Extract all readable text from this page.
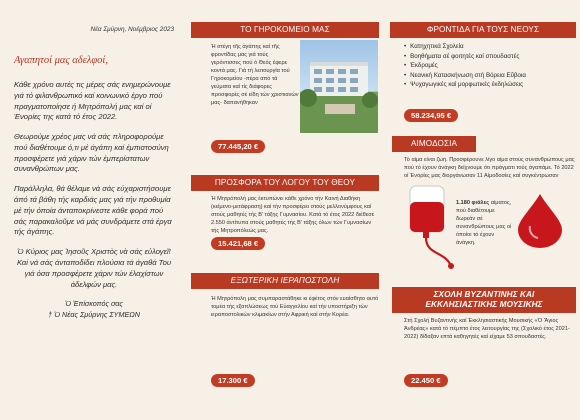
Νέα Σμύρνη, Νοέμβριος 2023
Αγαπητοί μας αδελφοί,

Κάθε χρόνο αυτές τις μέρες σάς ενημερώνουμε γιά τό φιλανθρωπικό καί κοινωνικό έργο πού πραγματοποίησε ή Μητρόπολή μας καί οί Ένορίες της κατά τό έτος 2022.

Θεωρούμε χρέος μας νά σάς πληροφορούμε πού διαθέτουμε ό,τι μέ άγάπη καί έμπιστοσύνη προσφέρετε γιά χάριν τών έμπερίστατων συνανθρώπων μας.

Παράλληλα, θά θέλαμε νά σάς εύχαριστήσουμε άπό τά βάθη τής καρδιάς μας γιά τήν προθυμία μέ τήν όποία άνταποκρίνεστε κάθε φορά πού σάς παρακαλοῦμε νά μάς συνδράμετε στά έργα τής άγάπης.

Ὁ Κύριος μας Ἰησοῦς Χριστὸς νὰ σάς εὐλογεῖ! Καί νά σάς άνταποδίδει πλούσια τά άγαθά Του γιά όσα προσφέρετε χάριν τών έλαχίστων άδελφών μας.

Ὁ Ἐπίσκοπός σας
† Ὁ Νέας Σμύρνης ΣΥΜΕΩΝ
ΤΟ ΓΗΡΟΚΟΜΕΙΟ ΜΑΣ
Ἡ στέγη τῆς ἀγάπης καί τῆς φροντίδας μας γιά τούς γερόντισσες πού ό Θεός έφερε κοντά μας. Γιά τή λειτουργία τού Γηροκομείου -πέρα από τά γεύματα καί τίς διάφορες προσφορές σέ είδη τών χριστιανών μας- δαπανήθηκαν
77.445,20 €
ΠΡΟΣΦΟΡΑ ΤΟΥ ΛΟΓΟΥ ΤΟΥ ΘΕΟΥ
Ἡ Μητρόπολή μας έκτυπώνει κάθε χρόνο τήν Καινή Διαθήκη (κείμενο-μετάφραση) καί τήν προσφέρει στούς μελλονύμφους καί στούς μαθητές τής Β' τάξης Γυμνασίου. Κατά τό έτος 2022 διέθεσε 2.550 άντίτυπα στούς μαθητές τής Β' τάξης όλων τών Γυμνασίων τής Μητροπόλεώς μας.
15.421,68 €
ΕΞΩΤΕΡΙΚΗ ΙΕΡΑΠΟΣΤΟΛΗ
Ἡ Μητρόπολη μας συμπαραστάθηκε κι έφέτος στόν ευαίσθητο αυτό τομέα τής εξαπλώσεως τού Εὐαγγελίου καί τήν υποστήριξη τών ιεραποστολικών κλιμακίων στήν Αφρική καί στήν Κορέα.
17.300 €
ΦΡΟΝΤΙΔΑ ΓΙΑ ΤΟΥΣ ΝΕΟΥΣ
• Κατηχητικά Σχολεία
• Βοηθήματα σέ φοιτητές καί σπουδαστές
• Ἐκδρομές
• Νεανική Κατασκήνωση στή Βόρεια Εὔβοια
• Ψυχαγωγικές καί μορφωτικές έκδηλώσεις
58.234,95 €
ΑΙΜΟΔΟΣΙΑ
Τό αίμα είναι ζωή. Προσφέρουνε λίγο αίμα στούς συνανθρώπους μας πού τό έχουν άνάγκη δείχνουμε ότι πράγματι τούς άγαπάμε. Τό 2022 οί Ένορίες μας διοργάνωσαν 11 Αίμοδοσίες καί συγκέντρωσαν
1.180 φιάλες αίματος, πού διαθέτουμε δωρεάν σέ συνανθρώπους μας οί όποίοι τό έχουν άνάγκη.
ΣΧΟΛΗ ΒΥΖΑΝΤΙΝΗΣ ΚΑΙ ΕΚΚΛΗΣΙΑΣΤΙΚΗΣ ΜΟΥΣΙΚΗΣ
Στή Σχολή Βυζαντινής καί Ἐκκλησιαστικής Μουσικής «Ὁ Ἅγιος Ἀνδρέας» κατά τό πέμπτο έτος λειτουργίας της (Σχολικό έτος 2021-2022) δίδαξαν επτά καθηγητές καί είχαμε 53 σπουδαστές.
22.450 €
